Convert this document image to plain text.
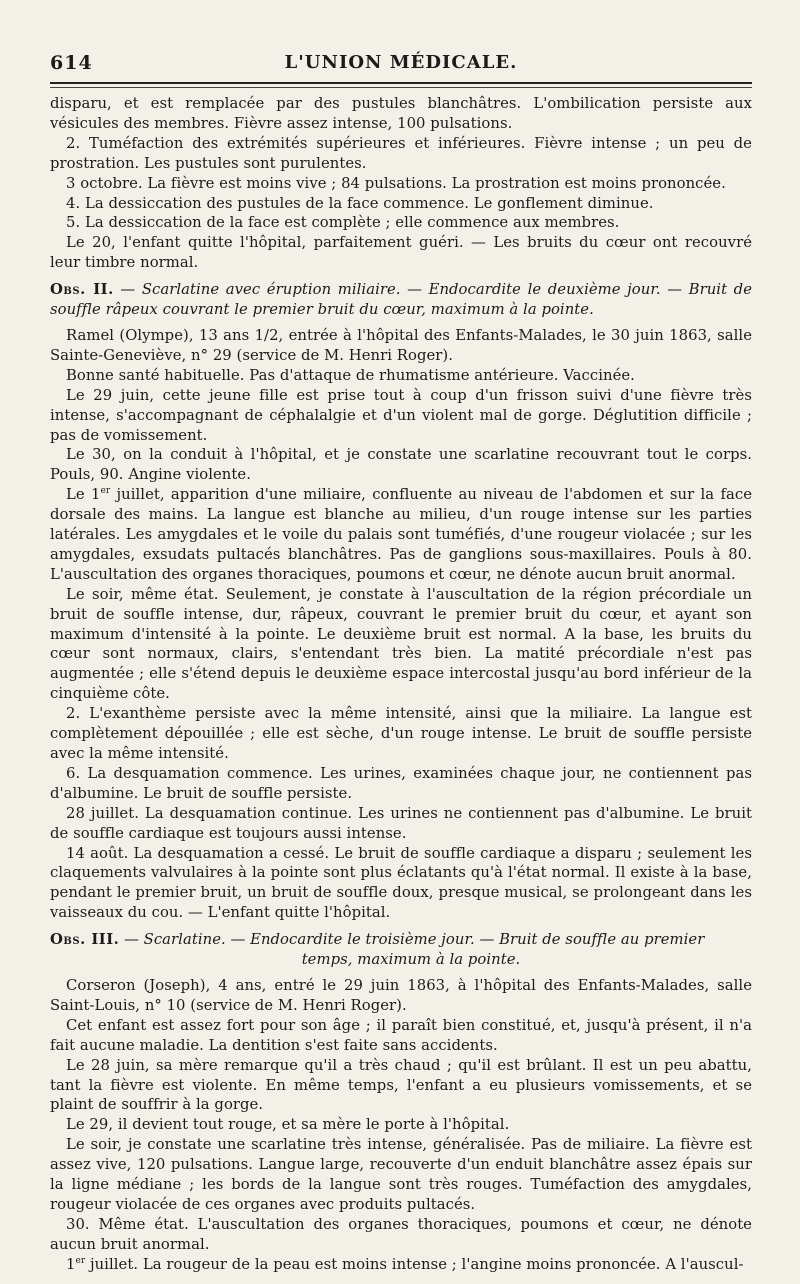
614	L'UNION MÉDICALE.

disparu, et est remplacée par des pustules blanchâtres. L'ombilication persiste aux vésicules des membres. Fièvre assez intense, 100 pulsations.

2. Tuméfaction des extrémités supérieures et inférieures. Fièvre intense ; un peu de prostration. Les pustules sont purulentes.

3 octobre. La fièvre est moins vive ; 84 pulsations. La prostration est moins prononcée.

4. La dessiccation des pustules de la face commence. Le gonflement diminue.

5. La dessiccation de la face est complète ; elle commence aux membres.

Le 20, l'enfant quitte l'hôpital, parfaitement guéri. — Les bruits du cœur ont recouvré leur timbre normal.

Obs. II. — Scarlatine avec éruption miliaire. — Endocardite le deuxième jour. — Bruit de souffle râpeux couvrant le premier bruit du cœur, maximum à la pointe.

Ramel (Olympe), 13 ans 1/2, entrée à l'hôpital des Enfants-Malades, le 30 juin 1863, salle Sainte-Geneviève, n° 29 (service de M. Henri Roger).

Bonne santé habituelle. Pas d'attaque de rhumatisme antérieure. Vaccinée.

Le 29 juin, cette jeune fille est prise tout à coup d'un frisson suivi d'une fièvre très intense, s'accompagnant de céphalalgie et d'un violent mal de gorge. Déglutition difficile ; pas de vomissement.

Le 30, on la conduit à l'hôpital, et je constate une scarlatine recouvrant tout le corps. Pouls, 90. Angine violente.

Le 1er juillet, apparition d'une miliaire, confluente au niveau de l'abdomen et sur la face dorsale des mains. La langue est blanche au milieu, d'un rouge intense sur les parties latérales. Les amygdales et le voile du palais sont tuméfiés, d'une rougeur violacée ; sur les amygdales, exsudats pultacés blanchâtres. Pas de ganglions sous-maxillaires. Pouls à 80. L'auscultation des organes thoraciques, poumons et cœur, ne dénote aucun bruit anormal.

Le soir, même état. Seulement, je constate à l'auscultation de la région précordiale un bruit de souffle intense, dur, râpeux, couvrant le premier bruit du cœur, et ayant son maximum d'intensité à la pointe. Le deuxième bruit est normal. A la base, les bruits du cœur sont normaux, clairs, s'entendant très bien. La matité précordiale n'est pas augmentée ; elle s'étend depuis le deuxième espace intercostal jusqu'au bord inférieur de la cinquième côte.

2. L'exanthème persiste avec la même intensité, ainsi que la miliaire. La langue est complètement dépouillée ; elle est sèche, d'un rouge intense. Le bruit de souffle persiste avec la même intensité.

6. La desquamation commence. Les urines, examinées chaque jour, ne contiennent pas d'albumine. Le bruit de souffle persiste.

28 juillet. La desquamation continue. Les urines ne contiennent pas d'albumine. Le bruit de souffle cardiaque est toujours aussi intense.

14 août. La desquamation a cessé. Le bruit de souffle cardiaque a disparu ; seulement les claquements valvulaires à la pointe sont plus éclatants qu'à l'état normal. Il existe à la base, pendant le premier bruit, un bruit de souffle doux, presque musical, se prolongeant dans les vaisseaux du cou. — L'enfant quitte l'hôpital.

Obs. III. — Scarlatine. — Endocardite le troisième jour. — Bruit de souffle au premier
temps, maximum à la pointe.

Corseron (Joseph), 4 ans, entré le 29 juin 1863, à l'hôpital des Enfants-Malades, salle Saint-Louis, n° 10 (service de M. Henri Roger).

Cet enfant est assez fort pour son âge ; il paraît bien constitué, et, jusqu'à présent, il n'a fait aucune maladie. La dentition s'est faite sans accidents.

Le 28 juin, sa mère remarque qu'il a très chaud ; qu'il est brûlant. Il est un peu abattu, tant la fièvre est violente. En même temps, l'enfant a eu plusieurs vomissements, et se plaint de souffrir à la gorge.

Le 29, il devient tout rouge, et sa mère le porte à l'hôpital.

Le soir, je constate une scarlatine très intense, généralisée. Pas de miliaire. La fièvre est assez vive, 120 pulsations. Langue large, recouverte d'un enduit blanchâtre assez épais sur la ligne médiane ; les bords de la langue sont très rouges. Tuméfaction des amygdales, rougeur violacée de ces organes avec produits pultacés.

30. Même état. L'auscultation des organes thoraciques, poumons et cœur, ne dénote aucun bruit anormal.

1er juillet. La rougeur de la peau est moins intense ; l'angine moins prononcée. A l'auscul-
